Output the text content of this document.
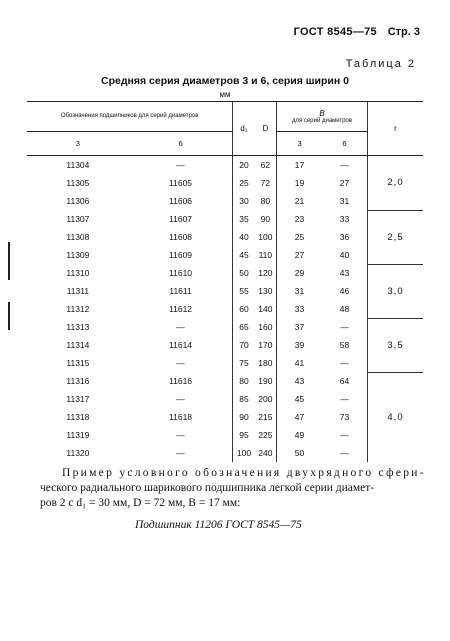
ГОСТ 8545—75 Стр. 3
Таблица 2
Средняя серия диаметров 3 и 6, серия ширин 0
мм
Обозначения подшипников для серий диаметров		d₁	D	B
для серий диаметров		r
3	6			3	6	
11304	—	20	62	17	—	2,0
11305	11605	25	72	19	27	
11306	11606	30	80	21	31	
11307	11607	35	90	23	33	2,5
11308	11608	40	100	25	36	
11309	11609	45	110	27	40	
11310	11610	50	120	29	43	3,0
11311	11611	55	130	31	46	
11312	11612	60	140	33	48	
11313	—	65	160	37	—	3,5
11314	11614	70	170	39	58	
11315	—	75	180	41	—	
11316	11616	80	190	43	64	4,0
11317	—	85	200	45	—	
11318	11618	90	215	47	73	
11319	—	95	225	49	—	
11320	—	100	240	50	—	
Пример условного обозначения двухрядного сфери-
ческого радиального шарикового подшипника легкой серии диамет-
ров 2 с d₁ = 30 мм, D = 72 мм, B = 17 мм:
Подшипник 11206 ГОСТ 8545—75
